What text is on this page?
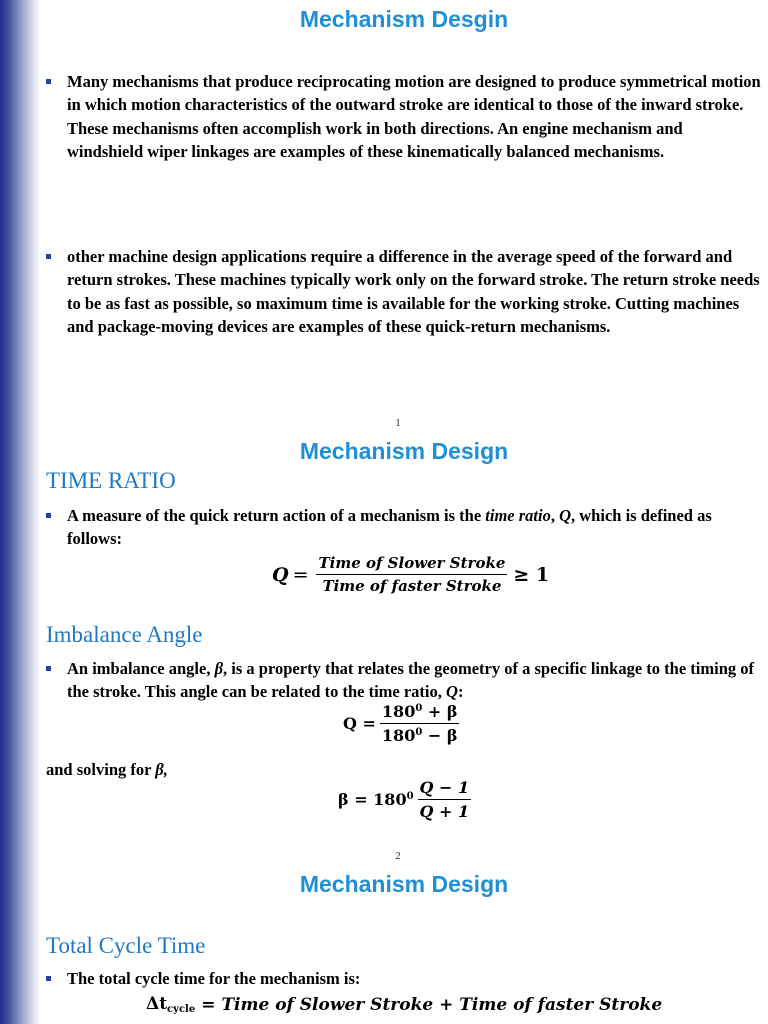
Mechanism Desgin
Many mechanisms that produce reciprocating motion are designed to produce symmetrical motion in which motion characteristics of the outward stroke are identical to those of the inward stroke. These mechanisms often accomplish work in both directions. An engine mechanism and windshield wiper linkages are examples of these kinematically balanced mechanisms.
other machine design applications require a difference in the average speed of the forward and return strokes. These machines typically work only on the forward stroke. The return stroke needs to be as fast as possible, so maximum time is available for the working stroke. Cutting machines and package-moving devices are examples of these quick-return mechanisms.
1
Mechanism Design
TIME RATIO
A measure of the quick return action of a mechanism is the time ratio, Q, which is defined as follows:
$Q = \frac{\text{Time of Slower Stroke}}{\text{Time of faster Stroke}} \ge 1$
Imbalance Angle
An imbalance angle, β, is a property that relates the geometry of a specific linkage to the timing of the stroke. This angle can be related to the time ratio, Q:
$Q = \frac{180^0 + \beta}{180^0 - \beta}$
and solving for β,
$\beta = 180^0 \frac{Q - 1}{Q + 1}$
2
Mechanism Design
Total Cycle Time
The total cycle time for the mechanism is:
$\Delta t_{cycle}$ = Time of Slower Stroke + Time of faster Stroke
